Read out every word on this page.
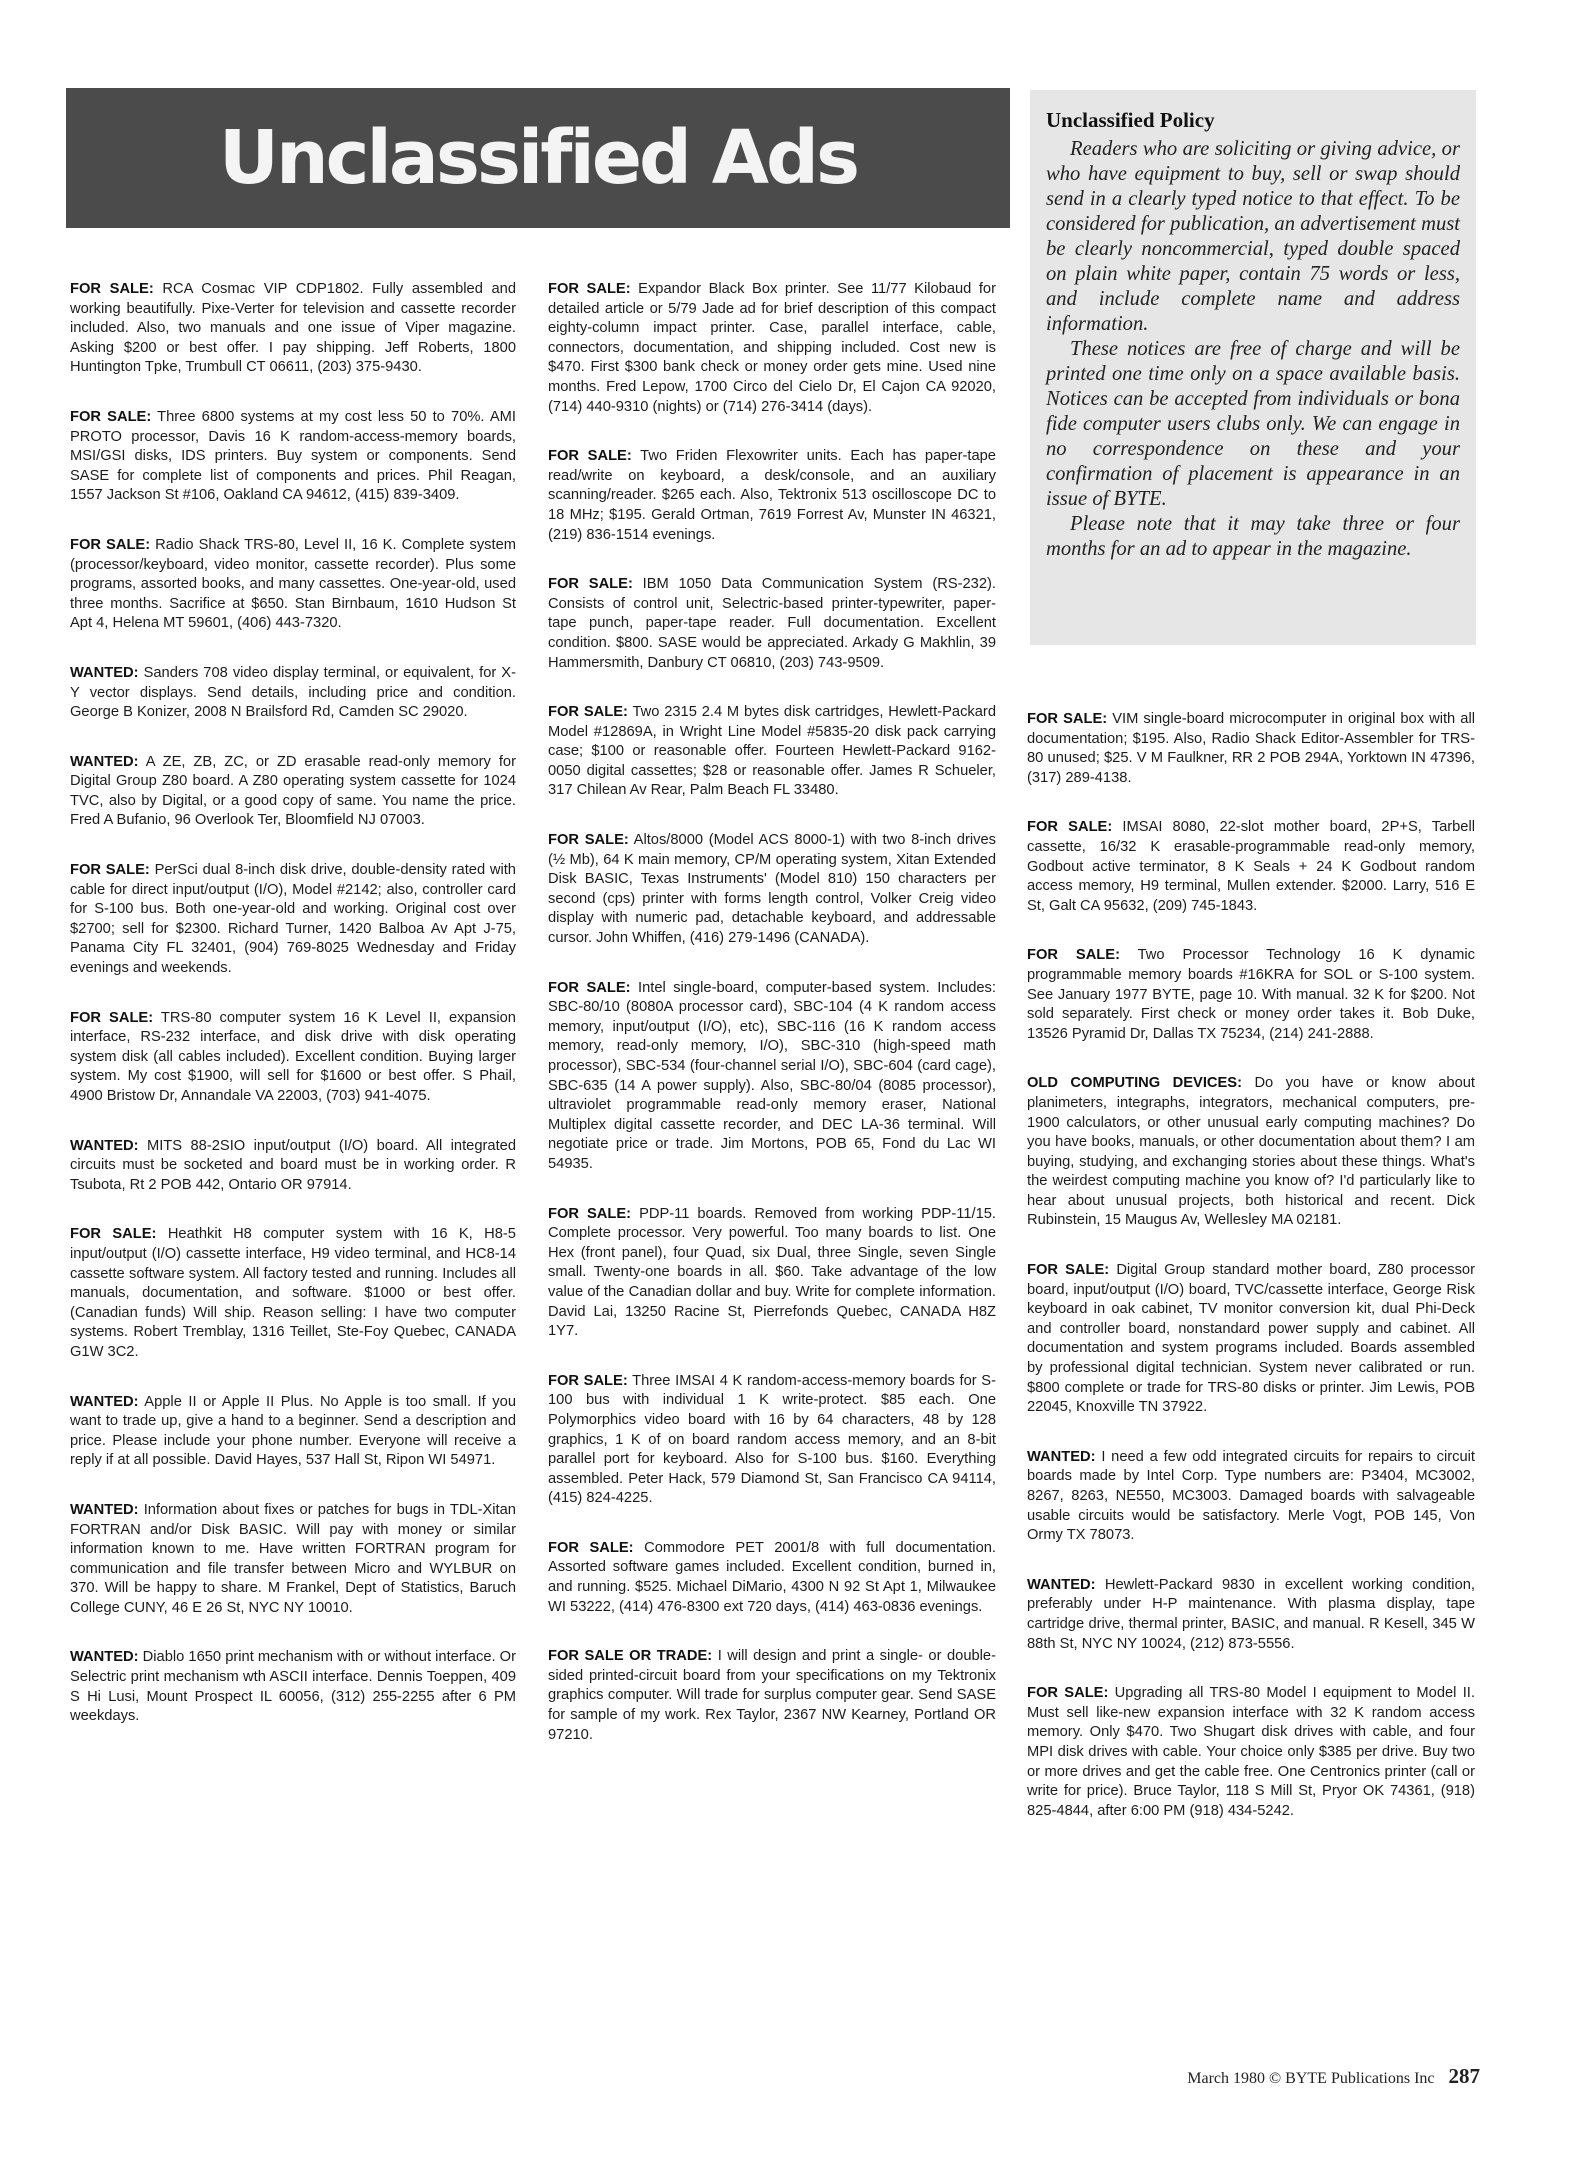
Unclassified Ads	Unclassified Policy

Readers who are soliciting or giving advice, or who have equipment to buy, sell or swap should send in a clearly typed notice to that effect. To be considered for publication, an advertisement must be clearly noncommercial, typed double spaced on plain white paper, contain 75 words or less, and include complete name and address information.

These notices are free of charge and will be printed one time only on a space available basis. Notices can be accepted from individuals or bona fide computer users clubs only. We can engage in no correspondence on these and your confirmation of placement is appearance in an issue of BYTE.

Please note that it may take three or four months for an ad to appear in the magazine.

FOR SALE: RCA Cosmac VIP CDP1802. Fully assembled and working beautifully. Pixe-Verter for television and cassette recorder included. Also, two manuals and one issue of Viper magazine. Asking $200 or best offer. I pay shipping. Jeff Roberts, 1800 Huntington Tpke, Trumbull CT 06611, (203) 375-9430.

FOR SALE: Three 6800 systems at my cost less 50 to 70%. AMI PROTO processor, Davis 16 K random-access-memory boards, MSI/GSI disks, IDS printers. Buy system or components. Send SASE for complete list of components and prices. Phil Reagan, 1557 Jackson St #106, Oakland CA 94612, (415) 839-3409.

FOR SALE: Radio Shack TRS-80, Level II, 16 K. Complete system (processor/keyboard, video monitor, cassette recorder). Plus some programs, assorted books, and many cassettes. One-year-old, used three months. Sacrifice at $650. Stan Birnbaum, 1610 Hudson St Apt 4, Helena MT 59601, (406) 443-7320.

WANTED: Sanders 708 video display terminal, or equivalent, for X-Y vector displays. Send details, including price and condition. George B Konizer, 2008 N Brailsford Rd, Camden SC 29020.

WANTED: A ZE, ZB, ZC, or ZD erasable read-only memory for Digital Group Z80 board. A Z80 operating system cassette for 1024 TVC, also by Digital, or a good copy of same. You name the price. Fred A Bufanio, 96 Overlook Ter, Bloomfield NJ 07003.

FOR SALE: PerSci dual 8-inch disk drive, double-density rated with cable for direct input/output (I/O), Model #2142; also, controller card for S-100 bus. Both one-year-old and working. Original cost over $2700; sell for $2300. Richard Turner, 1420 Balboa Av Apt J-75, Panama City FL 32401, (904) 769-8025 Wednesday and Friday evenings and weekends.

FOR SALE: TRS-80 computer system 16 K Level II, expansion interface, RS-232 interface, and disk drive with disk operating system disk (all cables included). Excellent condition. Buying larger system. My cost $1900, will sell for $1600 or best offer. S Phail, 4900 Bristow Dr, Annandale VA 22003, (703) 941-4075.

WANTED: MITS 88-2SIO input/output (I/O) board. All integrated circuits must be socketed and board must be in working order. R Tsubota, Rt 2 POB 442, Ontario OR 97914.

FOR SALE: Heathkit H8 computer system with 16 K, H8-5 input/output (I/O) cassette interface, H9 video terminal, and HC8-14 cassette software system. All factory tested and running. Includes all manuals, documentation, and software. $1000 or best offer. (Canadian funds) Will ship. Reason selling: I have two computer systems. Robert Tremblay, 1316 Teillet, Ste-Foy Quebec, CANADA G1W 3C2.

WANTED: Apple II or Apple II Plus. No Apple is too small. If you want to trade up, give a hand to a beginner. Send a description and price. Please include your phone number. Everyone will receive a reply if at all possible. David Hayes, 537 Hall St, Ripon WI 54971.

WANTED: Information about fixes or patches for bugs in TDL-Xitan FORTRAN and/or Disk BASIC. Will pay with money or similar information known to me. Have written FORTRAN program for communication and file transfer between Micro and WYLBUR on 370. Will be happy to share. M Frankel, Dept of Statistics, Baruch College CUNY, 46 E 26 St, NYC NY 10010.

WANTED: Diablo 1650 print mechanism with or without interface. Or Selectric print mechanism wth ASCII interface. Dennis Toeppen, 409 S Hi Lusi, Mount Prospect IL 60056, (312) 255-2255 after 6 PM weekdays.

FOR SALE: Expandor Black Box printer. See 11/77 Kilobaud for detailed article or 5/79 Jade ad for brief description of this compact eighty-column impact printer. Case, parallel interface, cable, connectors, documentation, and shipping included. Cost new is $470. First $300 bank check or money order gets mine. Used nine months. Fred Lepow, 1700 Circo del Cielo Dr, El Cajon CA 92020, (714) 440-9310 (nights) or (714) 276-3414 (days).

FOR SALE: Two Friden Flexowriter units. Each has paper-tape read/write on keyboard, a desk/console, and an auxiliary scanning/reader. $265 each. Also, Tektronix 513 oscilloscope DC to 18 MHz; $195. Gerald Ortman, 7619 Forrest Av, Munster IN 46321, (219) 836-1514 evenings.

FOR SALE: IBM 1050 Data Communication System (RS-232). Consists of control unit, Selectric-based printer-typewriter, paper-tape punch, paper-tape reader. Full documentation. Excellent condition. $800. SASE would be appreciated. Arkady G Makhlin, 39 Hammersmith, Danbury CT 06810, (203) 743-9509.

FOR SALE: Two 2315 2.4 M bytes disk cartridges, Hewlett-Packard Model #12869A, in Wright Line Model #5835-20 disk pack carrying case; $100 or reasonable offer. Fourteen Hewlett-Packard 9162-0050 digital cassettes; $28 or reasonable offer. James R Schueler, 317 Chilean Av Rear, Palm Beach FL 33480.

FOR SALE: Altos/8000 (Model ACS 8000-1) with two 8-inch drives (½ Mb), 64 K main memory, CP/M operating system, Xitan Extended Disk BASIC, Texas Instruments' (Model 810) 150 characters per second (cps) printer with forms length control, Volker Creig video display with numeric pad, detachable keyboard, and addressable cursor. John Whiffen, (416) 279-1496 (CANADA).

FOR SALE: Intel single-board, computer-based system. Includes: SBC-80/10 (8080A processor card), SBC-104 (4 K random access memory, input/output (I/O), etc), SBC-116 (16 K random access memory, read-only memory, I/O), SBC-310 (high-speed math processor), SBC-534 (four-channel serial I/O), SBC-604 (card cage), SBC-635 (14 A power supply). Also, SBC-80/04 (8085 processor), ultraviolet programmable read-only memory eraser, National Multiplex digital cassette recorder, and DEC LA-36 terminal. Will negotiate price or trade. Jim Mortons, POB 65, Fond du Lac WI 54935.

FOR SALE: PDP-11 boards. Removed from working PDP-11/15. Complete processor. Very powerful. Too many boards to list. One Hex (front panel), four Quad, six Dual, three Single, seven Single small. Twenty-one boards in all. $60. Take advantage of the low value of the Canadian dollar and buy. Write for complete information. David Lai, 13250 Racine St, Pierrefonds Quebec, CANADA H8Z 1Y7.

FOR SALE: Three IMSAI 4 K random-access-memory boards for S-100 bus with individual 1 K write-protect. $85 each. One Polymorphics video board with 16 by 64 characters, 48 by 128 graphics, 1 K of on board random access memory, and an 8-bit parallel port for keyboard. Also for S-100 bus. $160. Everything assembled. Peter Hack, 579 Diamond St, San Francisco CA 94114, (415) 824-4225.

FOR SALE: Commodore PET 2001/8 with full documentation. Assorted software games included. Excellent condition, burned in, and running. $525. Michael DiMario, 4300 N 92 St Apt 1, Milwaukee WI 53222, (414) 476-8300 ext 720 days, (414) 463-0836 evenings.

FOR SALE OR TRADE: I will design and print a single- or double-sided printed-circuit board from your specifications on my Tektronix graphics computer. Will trade for surplus computer gear. Send SASE for sample of my work. Rex Taylor, 2367 NW Kearney, Portland OR 97210.

FOR SALE: VIM single-board microcomputer in original box with all documentation; $195. Also, Radio Shack Editor-Assembler for TRS-80 unused; $25. V M Faulkner, RR 2 POB 294A, Yorktown IN 47396, (317) 289-4138.

FOR SALE: IMSAI 8080, 22-slot mother board, 2P+S, Tarbell cassette, 16/32 K erasable-programmable read-only memory, Godbout active terminator, 8 K Seals + 24 K Godbout random access memory, H9 terminal, Mullen extender. $2000. Larry, 516 E St, Galt CA 95632, (209) 745-1843.

FOR SALE: Two Processor Technology 16 K dynamic programmable memory boards #16KRA for SOL or S-100 system. See January 1977 BYTE, page 10. With manual. 32 K for $200. Not sold separately. First check or money order takes it. Bob Duke, 13526 Pyramid Dr, Dallas TX 75234, (214) 241-2888.

OLD COMPUTING DEVICES: Do you have or know about planimeters, integraphs, integrators, mechanical computers, pre-1900 calculators, or other unusual early computing machines? Do you have books, manuals, or other documentation about them? I am buying, studying, and exchanging stories about these things. What's the weirdest computing machine you know of? I'd particularly like to hear about unusual projects, both historical and recent. Dick Rubinstein, 15 Maugus Av, Wellesley MA 02181.

FOR SALE: Digital Group standard mother board, Z80 processor board, input/output (I/O) board, TVC/cassette interface, George Risk keyboard in oak cabinet, TV monitor conversion kit, dual Phi-Deck and controller board, nonstandard power supply and cabinet. All documentation and system programs included. Boards assembled by professional digital technician. System never calibrated or run. $800 complete or trade for TRS-80 disks or printer. Jim Lewis, POB 22045, Knoxville TN 37922.

WANTED: I need a few odd integrated circuits for repairs to circuit boards made by Intel Corp. Type numbers are: P3404, MC3002, 8267, 8263, NE550, MC3003. Damaged boards with salvageable usable circuits would be satisfactory. Merle Vogt, POB 145, Von Ormy TX 78073.

WANTED: Hewlett-Packard 9830 in excellent working condition, preferably under H-P maintenance. With plasma display, tape cartridge drive, thermal printer, BASIC, and manual. R Kesell, 345 W 88th St, NYC NY 10024, (212) 873-5556.

FOR SALE: Upgrading all TRS-80 Model I equipment to Model II. Must sell like-new expansion interface with 32 K random access memory. Only $470. Two Shugart disk drives with cable, and four MPI disk drives with cable. Your choice only $385 per drive. Buy two or more drives and get the cable free. One Centronics printer (call or write for price). Bruce Taylor, 118 S Mill St, Pryor OK 74361, (918) 825-4844, after 6:00 PM (918) 434-5242.

March 1980 © BYTE Publications Inc 287
